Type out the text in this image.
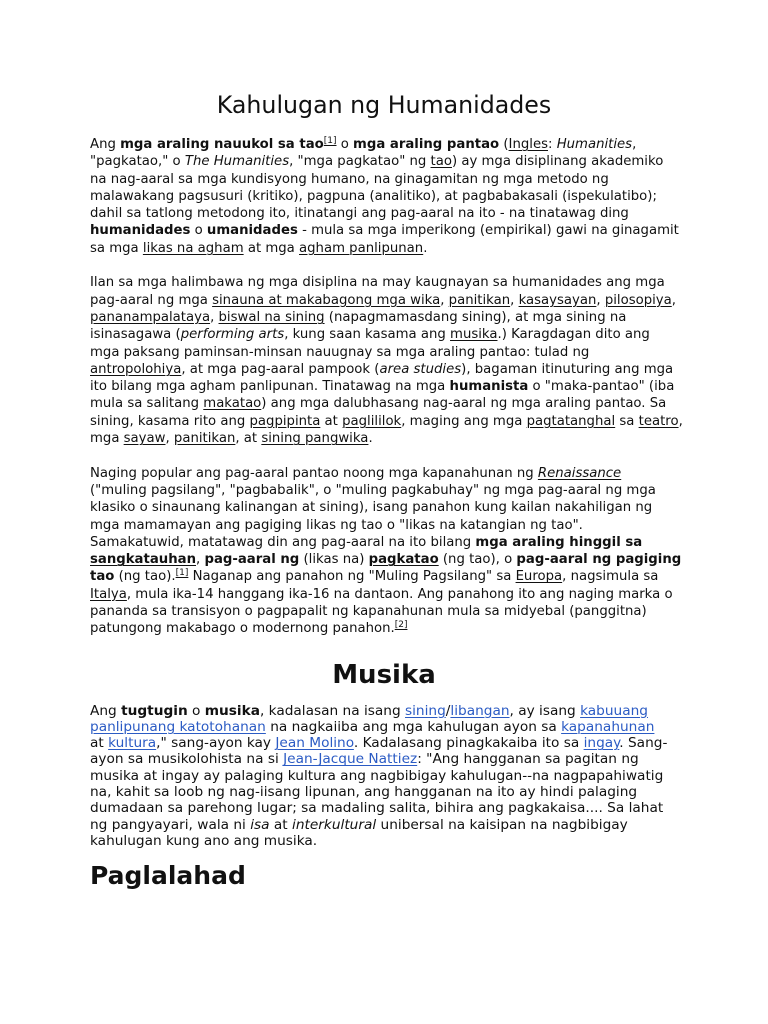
Kahulugan ng Humanidades
Ang mga araling nauukol sa tao[1] o mga araling pantao (Ingles: Humanities,
"pagkatao," o The Humanities, "mga pagkatao" ng tao) ay mga disiplinang akademiko
na nag-aaral sa mga kundisyong humano, na ginagamitan ng mga metodo ng
malawakang pagsusuri (kritiko), pagpuna (analitiko), at pagbabakasali (ispekulatibo);
dahil sa tatlong metodong ito, itinatangi ang pag-aaral na ito - na tinatawag ding
humanidades o umanidades - mula sa mga imperikong (empirikal) gawi na ginagamit
sa mga likas na agham at mga agham panlipunan.
Ilan sa mga halimbawa ng mga disiplina na may kaugnayan sa humanidades ang mga
pag-aaral ng mga sinauna at makabagong mga wika, panitikan, kasaysayan, pilosopiya,
pananampalataya, biswal na sining (napagmamasdang sining), at mga sining na
isinasagawa (performing arts, kung saan kasama ang musika.) Karagdagan dito ang
mga paksang paminsan-minsan nauugnay sa mga araling pantao: tulad ng
antropolohiya, at mga pag-aaral pampook (area studies), bagaman itinuturing ang mga
ito bilang mga agham panlipunan. Tinatawag na mga humanista o "maka-pantao" (iba
mula sa salitang makatao) ang mga dalubhasang nag-aaral ng mga araling pantao. Sa
sining, kasama rito ang pagpipinta at paglililok, maging ang mga pagtatanghal sa teatro,
mga sayaw, panitikan, at sining pangwika.
Naging popular ang pag-aaral pantao noong mga kapanahunan ng Renaissance
("muling pagsilang", "pagbabalik", o "muling pagkabuhay" ng mga pag-aaral ng mga
klasiko o sinaunang kalinangan at sining), isang panahon kung kailan nakahiligan ng
mga mamamayan ang pagiging likas ng tao o "likas na katangian ng tao".
Samakatuwid, matatawag din ang pag-aaral na ito bilang mga araling hinggil sa
sangkatauhan, pag-aaral ng (likas na) pagkatao (ng tao), o pag-aaral ng pagiging
tao (ng tao).[1] Naganap ang panahon ng "Muling Pagsilang" sa Europa, nagsimula sa
Italya, mula ika-14 hanggang ika-16 na dantaon. Ang panahong ito ang naging marka o
pananda sa transisyon o pagpapalit ng kapanahunan mula sa midyebal (panggitna)
patungong makabago o modernong panahon.[2]
Musika
Ang tugtugin o musika, kadalasan na isang sining/libangan, ay isang kabuuang
panlipunang katotohanan na nagkaiiba ang mga kahulugan ayon sa kapanahunan
at kultura," sang-ayon kay Jean Molino. Kadalasang pinagkakaiba ito sa ingay. Sang-
ayon sa musikolohista na si Jean-Jacque Nattiez: "Ang hangganan sa pagitan ng
musika at ingay ay palaging kultura ang nagbibigay kahulugan--na nagpapahiwatig
na, kahit sa loob ng nag-iisang lipunan, ang hangganan na ito ay hindi palaging
dumadaan sa parehong lugar; sa madaling salita, bihira ang pagkakaisa.... Sa lahat
ng pangyayari, wala ni isa at interkultural unibersal na kaisipan na nagbibigay
kahulugan kung ano ang musika.
Paglalahad
